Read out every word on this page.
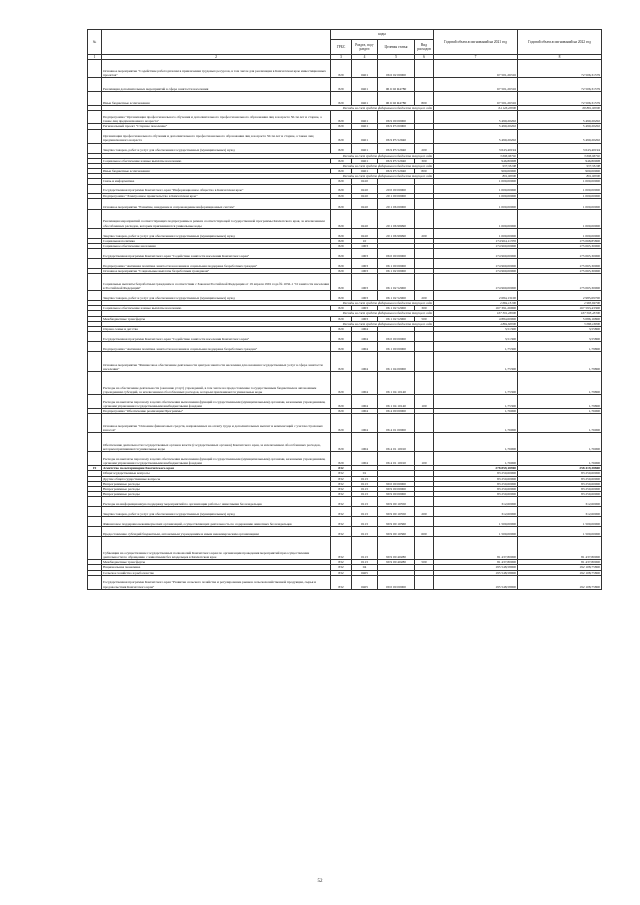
№		коды				Годовой объем ассигнований на 2021 год	Годовой объем ассигнований на 2022 год
		ГРБС	Раздел, под-раздел	Целевая статья	Вид расходов		
1	2	3	4	5	6	7	8
	Основное мероприятие "Содействие работодателям в привлечении трудовых ресурсов, в том числе для реализации в Камчатском крае инвестиционных проектов"	829	0401	06 6 02 00000		67 501,26316	72 506,31579
	Реализация дополнительных мероприятий в сфере занятости населения	829	0401	06 6 02 R4780		67 501,26316	72 506,31579
	Иные бюджетные ассигнования	829	0401	06 6 02 R4780	800	67 501,26316	72 506,31579
	Расходы за счет средств федерального бюджета текущего года					64 126,20000	68 881,00000
	Подпрограмма "Организация профессионального обучения и дополнительного профессионального образования лиц в возрасте 50-ти лет и старше, а также лиц предпенсионного возраста"	829	0401	06 9 00 00000		5 490,20202	5 490,20202
	Региональный проект "Старшее поколение"	829	0401	06 9 P3 00000		5 490,20202	5 490,20202
	Организация профессионального обучения и дополнительного профессионального образования лиц в возрасте 50-ти лет и старше, а также лиц предпенсионного возраста	829	0401	06 9 P3 52940		5 490,20202	5 490,20202
	Закупка товаров, работ и услуг для обеспечения государственных (муниципальных) нужд	829	0401	06 9 P3 52940	200	3 643,40194	3 643,40194
	Расходы за счет средств федерального бюджета текущего года					3 606,96792	3 606,96792
	Социальное обеспечение и иные выплаты населению	829	0401	06 9 P3 52940	300	946,80008	946,80008
	Расходы за счет средств федерального бюджета текущего года					937,33208	937,33208
	Иные бюджетные ассигнования	829	0401	06 9 P3 52940	800	900,00000	900,00000
	Расходы за счет средств федерального бюджета текущего года					891,00000	891,00000
	Связь и информатика	829	0410			1 000,00000	1 000,00000
	Государственная программа Камчатского края "Информационное общество в Камчатском крае"	829	0410	20 0 00 00000		1 000,00000	1 000,00000
	Подпрограмма "Электронное правительство в Камчатском крае"	829	0410	20 1 00 00000		1 000,00000	1 000,00000
	Основное мероприятие "Развитие, внедрение и сопровождение информационных систем"	829	0410	20 1 06 00000		1 000,00000	1 000,00000
	Реализация мероприятий соответствующих подпрограммы в рамках соответствующей государственной программы Камчатского края, за исключением обособленных расходов, которым присваиваются уникальные коды	829	0410	20 1 06 99990		1 000,00000	1 000,00000
	Закупка товаров, работ и услуг для обеспечения государственных (муниципальных) нужд	829	0410	20 1 06 99990	200	1 000,00000	1 000,00000
	Социальная политика	829	10			174 964,11370	175 068,85800
	Социальное обеспечение населения	829	1003			174 960,00000	175 065,30000
	Государственная программа Камчатского края "Содействие занятости населения Камчатского края"	829	1003	06 0 00 00000		174 960,00000	175 065,30000
	Подпрограмма "Активная политика занятости населения и социальная поддержка безработных граждан"	829	1003	06 1 00 00000		174 960,00000	175 065,30000
	Основное мероприятие "Социальные выплаты безработным гражданам"	829	1003	06 1 02 00000		174 960,00000	175 065,30000
	Социальные выплаты безработным гражданам в соответствии с Законом Российской Федерации от 19 апреля 1991 года № 1032-1 "О занятости населения в Российской Федерации"	829	1003	06 1 02 52900		174 960,00000	175 065,30000
	Закупка товаров, работ и услуг для обеспечения государственных (муниципальных) нужд	829	1003	06 1 02 52900	200	2 684,13100	2 985,69700
	Расходы за счет средств федерального бюджета текущего года					2 684,13100	2 985,69700
	Социальное обеспечение и иные выплаты населению	829	1003	06 1 02 52900	300	167 391,26900	167 593,43300
	Расходы за счет средств федерального бюджета текущего года					167 391,26900	167 593,43300
	Межбюджетные трансферты	829	1003	06 1 02 52900	500	4 884,60000	5 086,16800
	Расходы за счет средств федерального бюджета текущего года					4 884,60000	5 086,16800
	Охрана семьи и детства	829	1004			3,51300	3,55800
	Государственная программа Камчатского края "Содействие занятости населения Камчатского края"	829	1004	06 0 00 00000		3,51300	3,55800
	Подпрограмма "Активная политика занятости населения и социальная поддержка безработных граждан"	829	1004	06 1 00 00000		1,75300	1,79800
	Основное мероприятие "Финансовое обеспечение деятельности центров занятости населения для оказания государственных услуг в сфере занятости населения"	829	1004	06 1 04 00000		1,75300	1,79800
	Расходы на обеспечение деятельности (оказание услуг) учреждений, в том числе на предоставление государственным бюджетным и автономным учреждениям субсидий, за исключением обособленных расходов, которым присваиваются уникальные коды	829	1004	06 1 04 10140		1,75300	1,79800
	Расходы на выплаты персоналу в целях обеспечения выполнения функций государственными (муниципальными) органами, казенными учреждениями, органами управления государственными внебюджетными фондами	829	1004	06 1 04 10140	100	1,75300	1,79800
	Подпрограмма "Обеспечение реализации Программы"	829	1004	06 4 00 00000		1,76000	1,76000
	Основное мероприятие "Освоение финансовых средств, направленных на оплату труда и дополнительных выплат и компенсаций с учетом страховых взносов"	829	1004	06 4 01 00000		1,76000	1,76000
	Обеспечение деятельности государственных органов власти (государственных органов) Камчатского края, за исключением обособленных расходов, которым присваиваются уникальные коды	829	1004	06 4 01 10010		1,76000	1,76000
	Расходы на выплаты персоналу в целях обеспечения выполнения функций государственными (муниципальными) органами, казенными учреждениями, органами управления государственными внебюджетными фондами	829	1004	06 4 01 10010	100	1,76000	1,76000
19	Агентство по ветеринарии Камчатского края	832				278 859,18900	258 419,38800
	Общегосударственные вопросы	832	01			83 250,60000	83 250,60000
	Другие общегосударственные вопросы	832	0113			83 250,60000	83 250,60000
	Непрограммные расходы	832	0113	99 0 00 00000		83 250,60000	83 250,60000
	Непрограммные расходы	832	0113	99 9 00 00000		83 250,60000	83 250,60000
	Непрограммные расходы	832	0113	99 9 00 00000		83 250,60000	83 250,60000
	Расходы на информационную поддержку мероприятий по организации работы с животными без владельцев	832	0113	99 9 00 10350		312,60000	312,60000
	Закупка товаров, работ и услуг для обеспечения государственных (муниципальных) нужд	832	0113	99 9 00 10350	200	312,60000	312,60000
	Финансовое поддержка некоммерческих организаций, осуществляющих деятельность по содержанию животных без владельцев	832	0113	99 9 00 10360		1 500,00000	1 500,00000
	Предоставление субсидий бюджетным, автономным учреждениям и иным некоммерческим организациям	832	0113	99 9 00 10360	600	1 500,00000	1 500,00000
	Субвенции на осуществление государственных полномочий Камчатского края по организации проведения мероприятий при осуществлении деятельности по обращению с животными без владельцев в Камчатском крае	832	0113	99 9 00 40280		81 437,80000	81 437,80000
	Межбюджетные трансферты	832	0113	99 9 00 40280	500	81 437,80000	81 437,80000
	Национальная экономика	832	04			195 548,58900	192 108,75800
	Сельское хозяйство и рыболовство	832	0405			195 548,58900	192 108,75800
	Государственная программа Камчатского края "Развитие сельского хозяйства и регулирование рынков сельскохозяйственной продукции, сырья и продовольствия Камчатского края"	832	0405	09 0 00 00000		195 548,58900	192 108,75800
52
